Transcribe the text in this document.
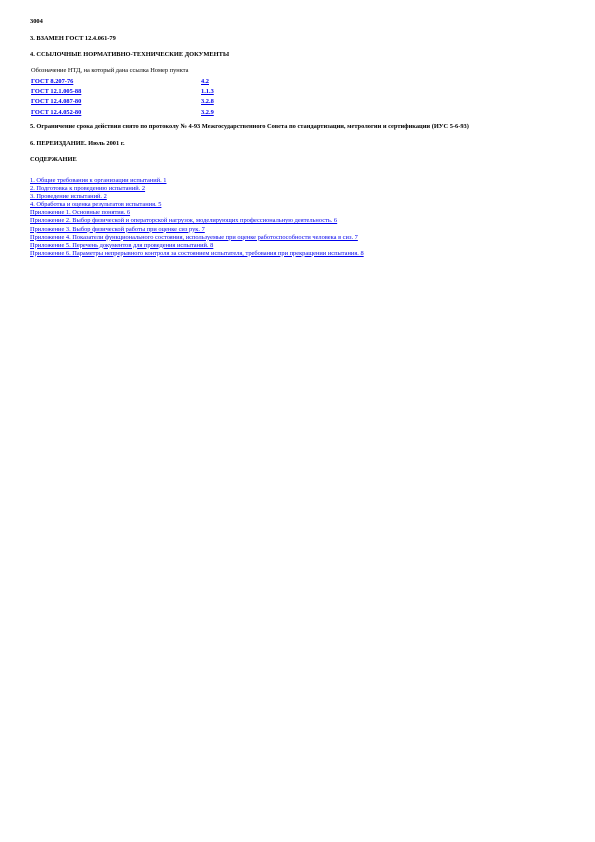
3004

3. ВЗАМЕН ГОСТ 12.4.061-79

4. ССЫЛОЧНЫЕ НОРМАТИВНО-ТЕХНИЧЕСКИЕ ДОКУМЕНТЫ

Обозначение НТД, на который дана ссылка Номер пункта	
ГОСТ 8.207-76	4.2
ГОСТ 12.1.005-88	1.1.3
ГОСТ 12.4.087-80	3.2.8
ГОСТ 12.4.052-80	3.2.9

5. Ограничение срока действия снято по протоколу № 4-93 Межгосударственного Совета по стандартизации, метрологии и сертификации (ИУС 5-6-93)

6. ПЕРЕИЗДАНИЕ. Июль 2001 г.

СОДЕРЖАНИЕ

1. Общие требования к организации испытаний. 1
2. Подготовка к проведению испытаний. 2
3. Проведение испытаний. 2
4. Обработка и оценка результатов испытания. 5
Приложение 1. Основные понятия. 6
Приложение 2. Выбор физической и операторской нагрузок, моделирующих профессиональную деятельность. 6
Приложение 3. Выбор физической работы при оценке сиз рук. 7
Приложение 4. Показатели функционального состояния, используемые при оценке работоспособности человека в сиз. 7
Приложение 5. Перечень документов для проведения испытаний. 8
Приложение 6. Параметры непрерывного контроля за состоянием испытателя, требования при прекращении испытания. 8
